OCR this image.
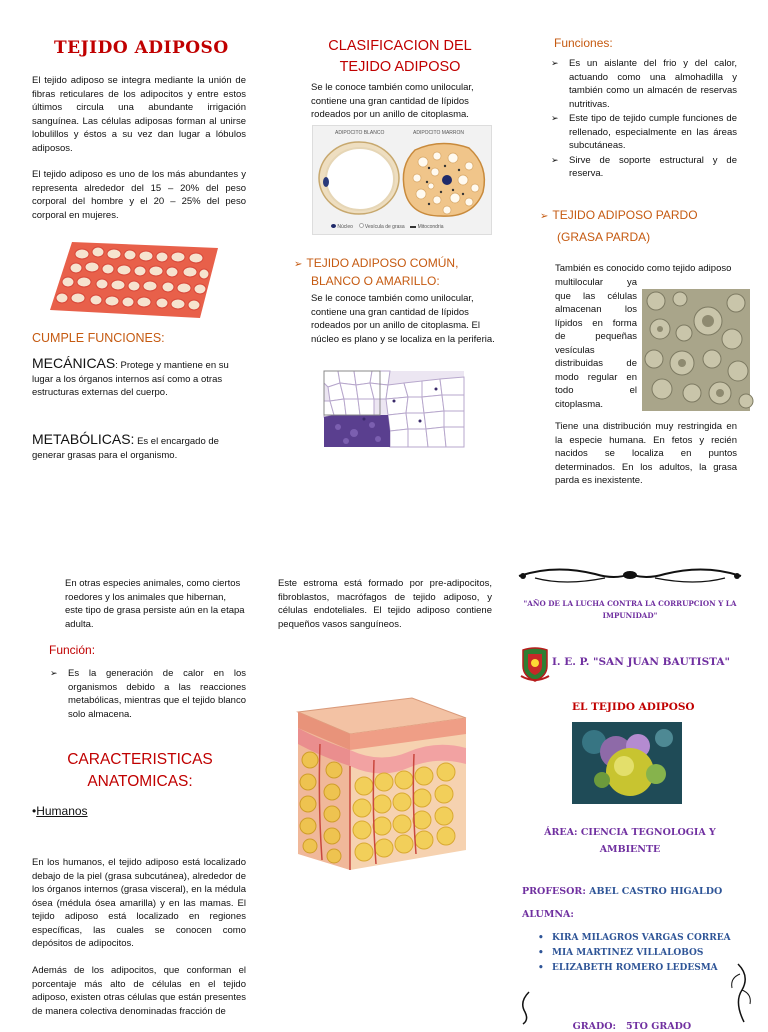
TEJIDO ADIPOSO
El tejido adiposo se integra mediante la unión de fibras reticulares de los adipocitos y entre estos últimos circula una abundante irrigación sanguínea. Las células adiposas forman al unirse lobulillos y éstos a su vez dan lugar a lóbulos adiposos.
El tejido adiposo es uno de los más abundantes y representa alrededor del 15 – 20% del peso corporal del hombre y el 20 – 25% del peso corporal en mujeres.
CUMPLE FUNCIONES:
MECÁNICAS: Protege y mantiene en su lugar a los órganos internos así como a otras estructuras externas del cuerpo.
METABÓLICAS: Es el encargado de generar grasas para el organismo.
CLASIFICACION DEL
TEJIDO ADIPOSO
Se le conoce también como unilocular, contiene una gran cantidad de lípidos rodeados por un anillo de citoplasma.
ADIPOCITO BLANCO	ADIPOCITO MARRON
Núcleo Vesícula de grasa	Mitocondria
➢ TEJIDO ADIPOSO COMÚN,
BLANCO O AMARILLO:
Se le conoce también como unilocular, contiene una gran cantidad de lípidos rodeados por un anillo de citoplasma. El núcleo es plano y se localiza en la periferia.
Funciones:
➢ Es un aislante del frio y del calor, actuando como una almohadilla y también como un almacén de reservas nutritivas.
➢ Este tipo de tejido cumple funciones de rellenado, especialmente en las áreas subcutáneas.
➢ Sirve de soporte estructural y de reserva.
➢ TEJIDO ADIPOSO PARDO
(GRASA PARDA)
También es conocido como tejido adiposo
multilocular ya
que las células
almacenan los
lípidos en forma
de pequeñas
vesículas
distribuidas de
modo regular en
todo el
citoplasma.
Tiene una distribución muy restringida en la especie humana. En fetos y recién nacidos se localiza en puntos determinados. En los adultos, la grasa parda es inexistente.
En otras especies animales, como ciertos roedores y los animales que hibernan, este tipo de grasa persiste aún en la etapa adulta.
Función:
➢ Es la generación de calor en los organismos debido a las reacciones metabólicas, mientras que el tejido blanco solo almacena.
CARACTERISTICAS
ANATOMICAS:
•Humanos
En los humanos, el tejido adiposo está localizado debajo de la piel (grasa subcutánea), alrededor de los órganos internos (grasa visceral), en la médula ósea (médula ósea amarilla) y en las mamas. El tejido adiposo está localizado en regiones específicas, las cuales se conocen como depósitos de adipocitos.
Además de los adipocitos, que conforman el porcentaje más alto de células en el tejido adiposo, existen otras células que están presentes de manera colectiva denominadas fracción de
Este estroma está formado por pre-adipocitos, fibroblastos, macrófagos de tejido adiposo, y células endoteliales. El tejido adiposo contiene pequeños vasos sanguíneos.
"AÑO DE LA LUCHA CONTRA LA CORRUPCION Y LA IMPUNIDAD"
I. E. P. "SAN JUAN BAUTISTA"
EL TEJIDO ADIPOSO
ÁREA: CIENCIA TEGNOLOGIA Y
AMBIENTE
PROFESOR: ABEL CASTRO HIGALDO
ALUMNA:
• KIRA MILAGROS VARGAS CORREA
• MIA MARTINEZ VILLALOBOS
• ELIZABETH ROMERO LEDESMA

GRADO:   5TO GRADO
